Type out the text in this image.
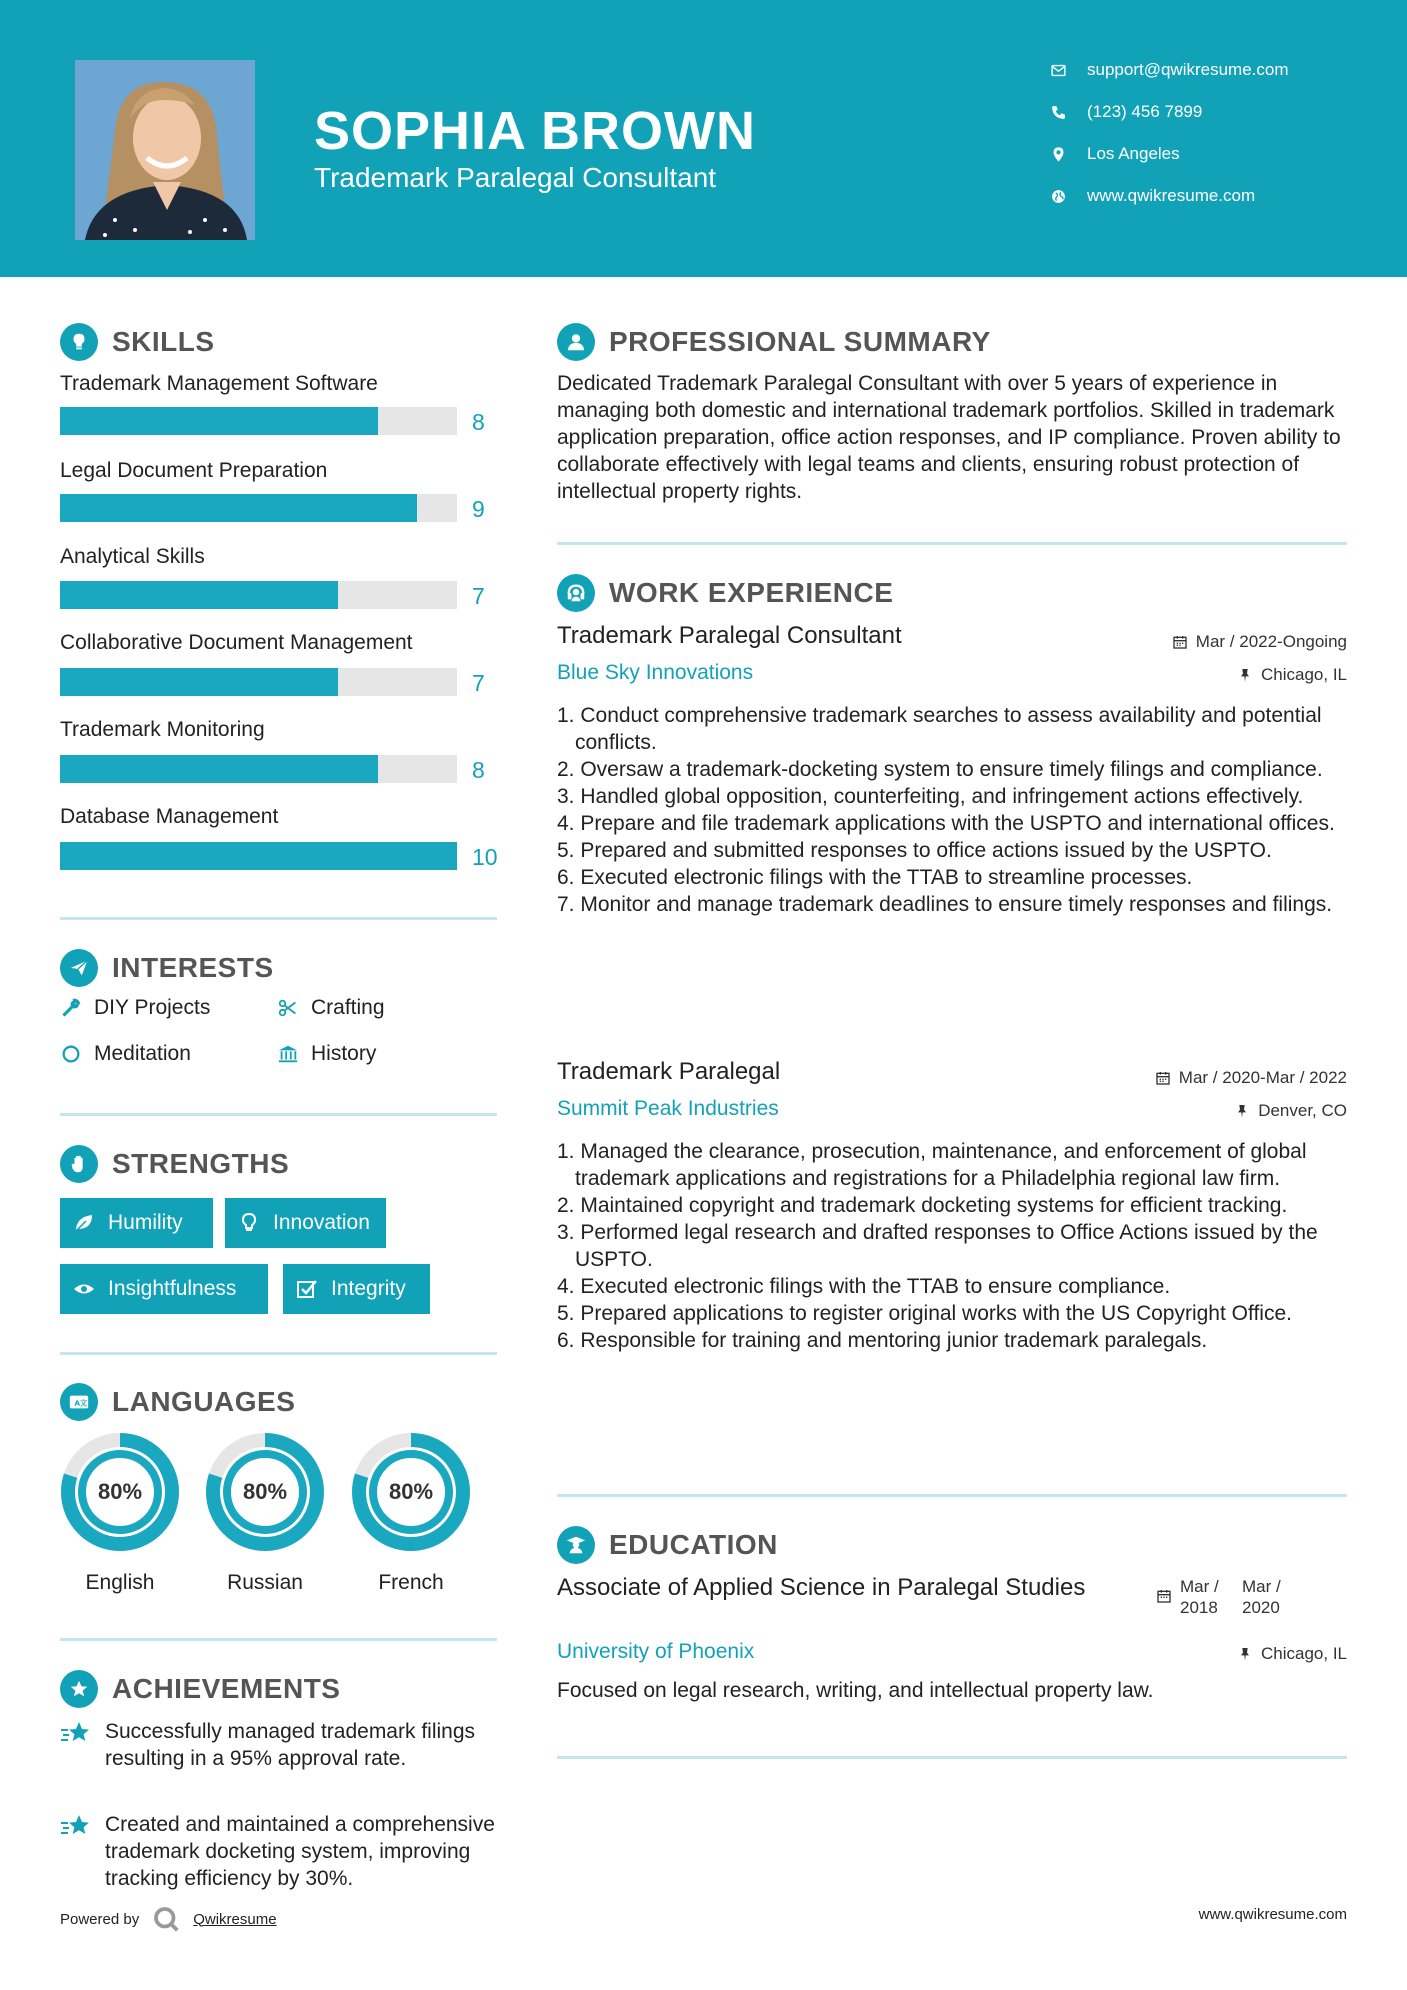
SOPHIA BROWN
Trademark Paralegal Consultant
support@qwikresume.com
(123) 456 7899
Los Angeles
www.qwikresume.com
SKILLS
Trademark Management Software
8
Legal Document Preparation
9
Analytical Skills
7
Collaborative Document Management
7
Trademark Monitoring
8
Database Management
10
INTERESTS
DIY Projects	Crafting
Meditation	History
STRENGTHS
Humility	Innovation
Insightfulness	Integrity
A 文 LANGUAGES
80%
English
80%
Russian
80%
French
ACHIEVEMENTS
Successfully managed trademark filings resulting in a 95% approval rate.
Created and maintained a comprehensive trademark docketing system, improving tracking efficiency by 30%.
PROFESSIONAL SUMMARY
Dedicated Trademark Paralegal Consultant with over 5 years of experience in managing both domestic and international trademark portfolios. Skilled in trademark application preparation, office action responses, and IP compliance. Proven ability to collaborate effectively with legal teams and clients, ensuring robust protection of intellectual property rights.
WORK EXPERIENCE
Trademark Paralegal Consultant	Mar / 2022-Ongoing
Blue Sky Innovations	Chicago, IL
1. Conduct comprehensive trademark searches to assess availability and potential conflicts.
2. Oversaw a trademark-docketing system to ensure timely filings and compliance.
3. Handled global opposition, counterfeiting, and infringement actions effectively.
4. Prepare and file trademark applications with the USPTO and international offices.
5. Prepared and submitted responses to office actions issued by the USPTO.
6. Executed electronic filings with the TTAB to streamline processes.
7. Monitor and manage trademark deadlines to ensure timely responses and filings.
Trademark Paralegal	Mar / 2020-Mar / 2022
Summit Peak Industries	Denver, CO
1. Managed the clearance, prosecution, maintenance, and enforcement of global trademark applications and registrations for a Philadelphia regional law firm.
2. Maintained copyright and trademark docketing systems for efficient tracking.
3. Performed legal research and drafted responses to Office Actions issued by the USPTO.
4. Executed electronic filings with the TTAB to ensure compliance.
5. Prepared applications to register original works with the US Copyright Office.
6. Responsible for training and mentoring junior trademark paralegals.
EDUCATION
Associate of Applied Science in Paralegal Studies	Mar /
2018
Mar /
2020
University of Phoenix	Chicago, IL
Focused on legal research, writing, and intellectual property law.
Powered by	Qwikresume	www.qwikresume.com
